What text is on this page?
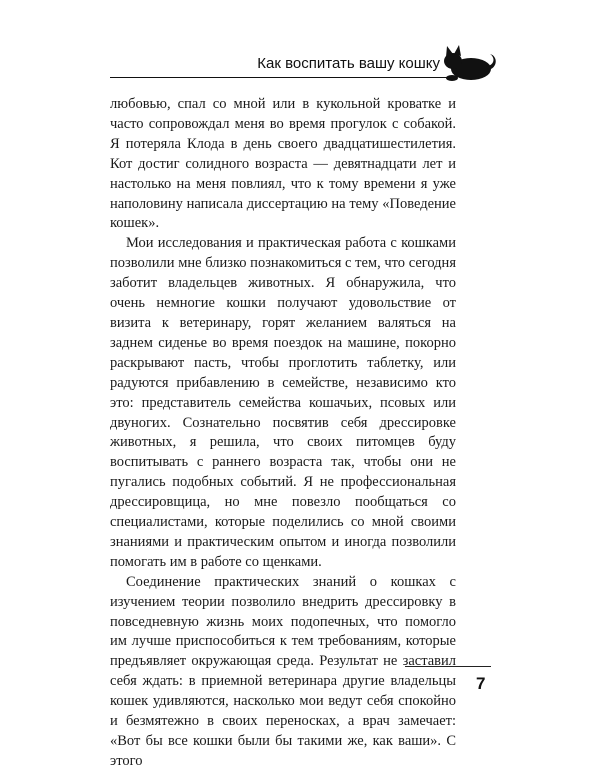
Как воспитать вашу кошку

любовью, спал со мной или в кукольной кроватке и часто сопровождал меня во время прогулок с собакой. Я потеряла Клода в день своего двадцатишестилетия. Кот достиг солидного возраста — девятнадцати лет и настолько на меня повлиял, что к тому времени я уже наполовину написала диссертацию на тему «Поведение кошек».

Мои исследования и практическая работа с кошками позволили мне близко познакомиться с тем, что сегодня заботит владельцев животных. Я обнаружила, что очень немногие кошки получают удовольствие от визита к ветеринару, горят желанием валяться на заднем сиденье во время поездок на машине, покорно раскрывают пасть, чтобы проглотить таблетку, или радуются прибавлению в семействе, независимо кто это: представитель семейства кошачьих, псовых или двуногих. Сознательно посвятив себя дрессировке животных, я решила, что своих питомцев буду воспитывать с раннего возраста так, чтобы они не пугались подобных событий. Я не профессиональная дрессировщица, но мне повезло пообщаться со специалистами, которые поделились со мной своими знаниями и практическим опытом и иногда позволили помогать им в работе со щенками.

Соединение практических знаний о кошках с изучением теории позволило внедрить дрессировку в повседневную жизнь моих подопечных, что помогло им лучше приспособиться к тем требованиям, которые предъявляет окружающая среда. Результат не заставил себя ждать: в приемной ветеринара другие владельцы кошек удивляются, насколько мои ведут себя спокойно и безмятежно в своих переносках, а врач замечает: «Вот бы все кошки были бы такими же, как ваши». С этого

7
